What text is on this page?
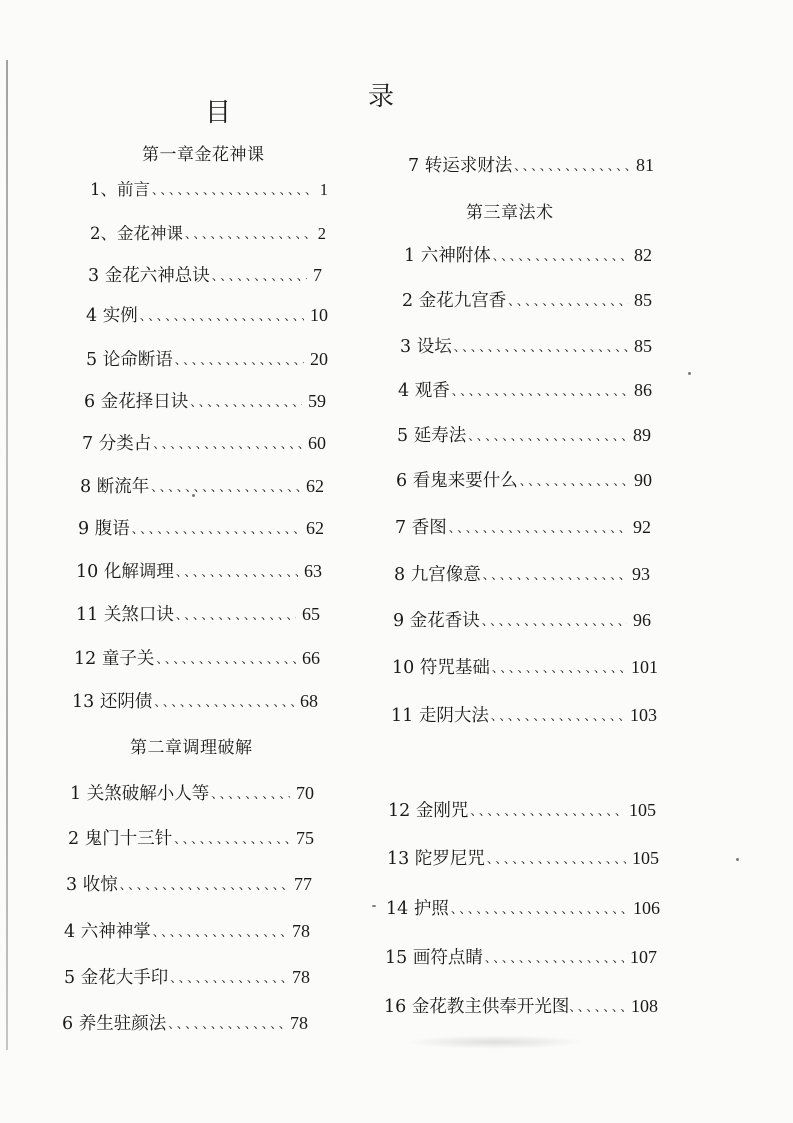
目
录
第一章金花神课
第二章调理破解
第三章法术
1、前言 、、、、、、、、、、、、、、、、、、、、、、、、、、、、、、、、、	1
2、金花神课 、、、、、、、、、、、、、、、、、、、、、、、、、、、、、、、、、	2
3 金花六神总诀 、、、、、、、、、、、、、、、、、、、、、、、、、、、、、、、、、	7
4 实例 、、、、、、、、、、、、、、、、、、、、、、、、、、、、、、、、、	10
5 论命断语 、、、、、、、、、、、、、、、、、、、、、、、、、、、、、、、、、	20
6 金花择日诀 、、、、、、、、、、、、、、、、、、、、、、、、、、、、、、、、、	59
7 分类占 、、、、、、、、、、、、、、、、、、、、、、、、、、、、、、、、、	60
8 断流年 、、、、、、、、、、、、、、、、、、、、、、、、、、、、、、、、、	62
9 腹语 、、、、、、、、、、、、、、、、、、、、、、、、、、、、、、、、、	62
10 化解调理 、、、、、、、、、、、、、、、、、、、、、、、、、、、、、、、、、	63
11 关煞口诀 、、、、、、、、、、、、、、、、、、、、、、、、、、、、、、、、、	65
12 童子关 、、、、、、、、、、、、、、、、、、、、、、、、、、、、、、、、、	66
13 还阴债 、、、、、、、、、、、、、、、、、、、、、、、、、、、、、、、、、	68
1 关煞破解小人等 、、、、、、、、、、、、、、、、、、、、、、、、、、、、、、、、、	70
2 鬼门十三针 、、、、、、、、、、、、、、、、、、、、、、、、、、、、、、、、、	75
3 收惊 、、、、、、、、、、、、、、、、、、、、、、、、、、、、、、、、、	77
4 六神神掌 、、、、、、、、、、、、、、、、、、、、、、、、、、、、、、、、、	78
5 金花大手印 、、、、、、、、、、、、、、、、、、、、、、、、、、、、、、、、、	78
6 养生驻颜法 、、、、、、、、、、、、、、、、、、、、、、、、、、、、、、、、、	78
7 转运求财法 、、、、、、、、、、、、、、、、、、、、、、、、、、、、、、、、、	81
1 六神附体 、、、、、、、、、、、、、、、、、、、、、、、、、、、、、、、、、	82
2 金花九宫香 、、、、、、、、、、、、、、、、、、、、、、、、、、、、、、、、、	85
3 设坛 、、、、、、、、、、、、、、、、、、、、、、、、、、、、、、、、、	85
4 观香 、、、、、、、、、、、、、、、、、、、、、、、、、、、、、、、、、	86
5 延寿法 、、、、、、、、、、、、、、、、、、、、、、、、、、、、、、、、、	89
6 看鬼来要什么 、、、、、、、、、、、、、、、、、、、、、、、、、、、、、、、、、	90
7 香图 、、、、、、、、、、、、、、、、、、、、、、、、、、、、、、、、、	92
8 九宫像意 、、、、、、、、、、、、、、、、、、、、、、、、、、、、、、、、、	93
9 金花香诀 、、、、、、、、、、、、、、、、、、、、、、、、、、、、、、、、、	96
10 符咒基础 、、、、、、、、、、、、、、、、、、、、、、、、、、、、、、、、、	101
11 走阴大法 、、、、、、、、、、、、、、、、、、、、、、、、、、、、、、、、、	103
12 金刚咒 、、、、、、、、、、、、、、、、、、、、、、、、、、、、、、、、、	105
13 陀罗尼咒 、、、、、、、、、、、、、、、、、、、、、、、、、、、、、、、、、	105
14 护照 、、、、、、、、、、、、、、、、、、、、、、、、、、、、、、、、、	106
15 画符点睛 、、、、、、、、、、、、、、、、、、、、、、、、、、、、、、、、、	107
16 金花教主供奉开光图 、、、、、、、、、、、、、、、、、、、、、、、、、、、、、、、、、	108
